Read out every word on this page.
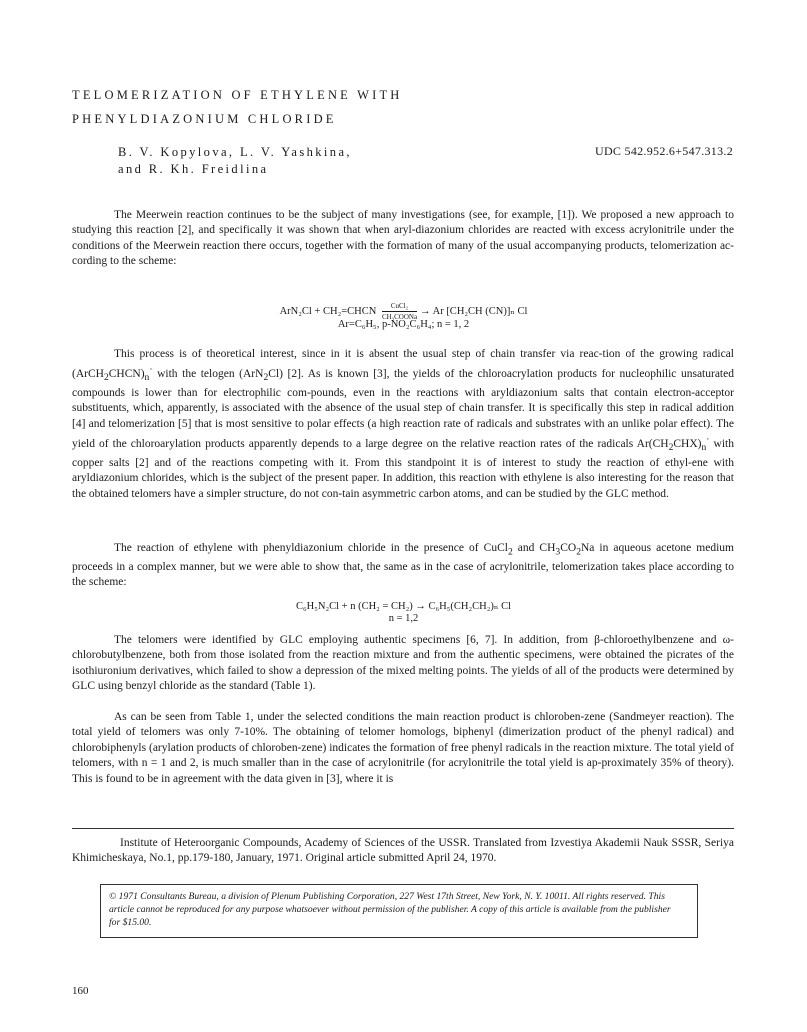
TELOMERIZATION OF ETHYLENE WITH
PHENYLDIAZONIUM CHLORIDE
B. V. Kopylova, L. V. Yashkina,
and R. Kh. Freidlina
UDC 542.952.6+547.313.2
The Meerwein reaction continues to be the subject of many investigations (see, for example, [1]). We proposed a new approach to studying this reaction [2], and specifically it was shown that when aryl-diazonium chlorides are reacted with excess acrylonitrile under the conditions of the Meerwein reaction there occurs, together with the formation of many of the usual accompanying products, telomerization ac-cording to the scheme:
ArN₂Cl + CH₂=CHCN	CuCl₂
CH₃COONa
→ Ar [CH₂CH (CN)]ₙ Cl
Ar=C₆H₅, p-NO₂C₆H₄; n = 1, 2
This process is of theoretical interest, since in it is absent the usual step of chain transfer via reac-tion of the growing radical $(ArCH_2CHCN)_n^\cdot$ with the telogen (ArN$_2$Cl) [2]. As is known [3], the yields of the chloroacrylation products for nucleophilic unsaturated compounds is lower than for electrophilic com-pounds, even in the reactions with aryldiazonium salts that contain electron-acceptor substituents, which, apparently, is associated with the absence of the usual step of chain transfer. It is specifically this step in radical addition [4] and telomerization [5] that is most sensitive to polar effects (a high reaction rate of radicals and substrates with an unlike polar effect). The yield of the chloroarylation products apparently depends to a large degree on the relative reaction rates of the radicals $Ar(CH_2CHX)_n^\cdot$ with copper salts [2] and of the reactions competing with it. From this standpoint it is of interest to study the reaction of ethyl-ene with aryldiazonium chlorides, which is the subject of the present paper. In addition, this reaction with ethylene is also interesting for the reason that the obtained telomers have a simpler structure, do not con-tain asymmetric carbon atoms, and can be studied by the GLC method.
The reaction of ethylene with phenyldiazonium chloride in the presence of CuCl$_2$ and $CH_3CO_2Na$ in aqueous acetone medium proceeds in a complex manner, but we were able to show that, the same as in the case of acrylonitrile, telomerization takes place according to the scheme:
C₆H₅N₂Cl + n (CH₂ = CH₂) → C₆H₅(CH₂CH₂)ₙ Cl
n = 1,2
The telomers were identified by GLC employing authentic specimens [6, 7]. In addition, from β-chloroethylbenzene and ω-chlorobutylbenzene, both from those isolated from the reaction mixture and from the authentic specimens, were obtained the picrates of the isothiuronium derivatives, which failed to show a depression of the mixed melting points. The yields of all of the products were determined by GLC using benzyl chloride as the standard (Table 1).
As can be seen from Table 1, under the selected conditions the main reaction product is chloroben-zene (Sandmeyer reaction). The total yield of telomers was only 7-10%. The obtaining of telomer homologs, biphenyl (dimerization product of the phenyl radical) and chlorobiphenyls (arylation products of chloroben-zene) indicates the formation of free phenyl radicals in the reaction mixture. The total yield of telomers, with n = 1 and 2, is much smaller than in the case of acrylonitrile (for acrylonitrile the total yield is ap-proximately 35% of theory). This is found to be in agreement with the data given in [3], where it is
Institute of Heteroorganic Compounds, Academy of Sciences of the USSR. Translated from Izvestiya Akademii Nauk SSSR, Seriya Khimicheskaya, No.1, pp.179-180, January, 1971. Original article submitted April 24, 1970.
© 1971 Consultants Bureau, a division of Plenum Publishing Corporation, 227 West 17th Street, New York, N. Y. 10011. All rights reserved. This article cannot be reproduced for any purpose whatsoever without permission of the publisher. A copy of this article is available from the publisher for $15.00.
160
